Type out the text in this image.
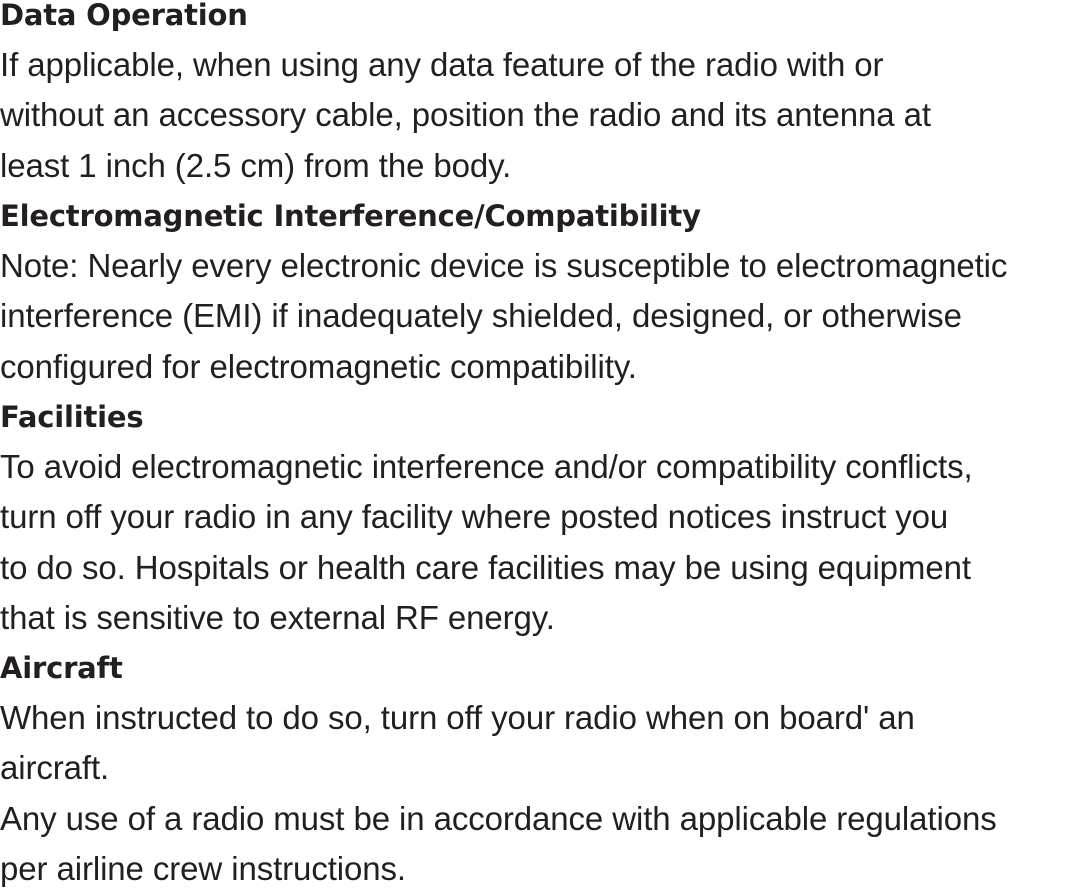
Data Operation

If applicable, when using any data feature of the radio with or
without an accessory cable, position the radio and its antenna at
least 1 inch (2.5 cm) from the body.

Electromagnetic Interference/Compatibility

Note: Nearly every electronic device is susceptible to electromagnetic
interference (EMI) if inadequately shielded, designed, or otherwise
configured for electromagnetic compatibility.

Facilities

To avoid electromagnetic interference and/or compatibility conflicts,
turn off your radio in any facility where posted notices instruct you
to do so. Hospitals or health care facilities may be using equipment
that is sensitive to external RF energy.

Aircraft

When instructed to do so, turn off your radio when on board' an
aircraft.
Any use of a radio must be in accordance with applicable regulations
per airline crew instructions.
